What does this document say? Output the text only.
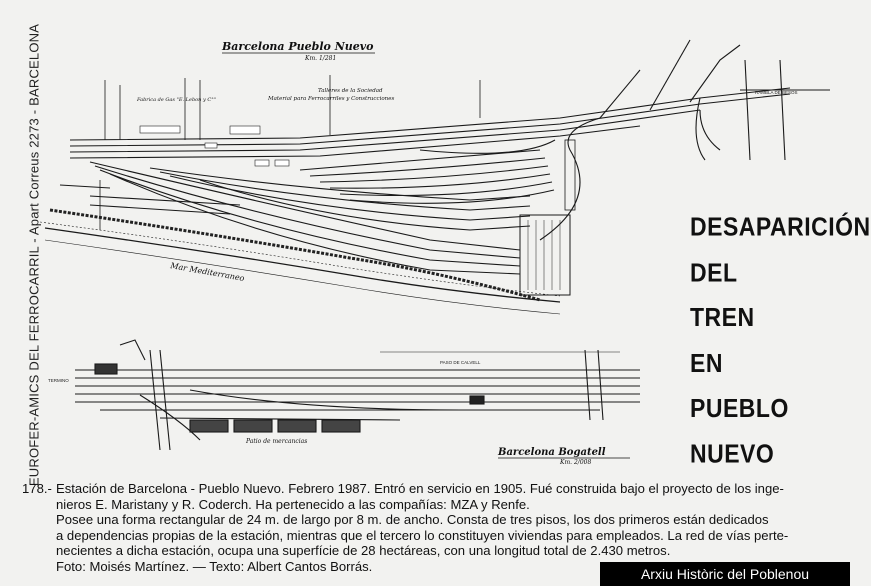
Barcelona Pueblo Nuevo
Km. 1/281
Talleres de la Sociedad
Material para Ferrocarriles y Construcciones
Fabrica de Gas "E. Lebon y C°"
Mar Mediterraneo
RAMBLA DE BESOS
PASO DE CALVELL
Patio de mercancias
TERMINO
Barcelona Bogatell
Km. 2/008
EUROFER-AMICS DEL FERROCARRIL - Apart Correus 2273 - BARCELONA	DESAPARICIÓN
DEL
TREN
EN
PUEBLO
NUEVO
178.- Estación de Barcelona - Pueblo Nuevo. Febrero 1987. Entró en servicio en 1905. Fué construida bajo el proyecto de los inge-
nieros E. Maristany y R. Coderch. Ha pertenecido a las compañías: MZA y Renfe.
Posee una forma rectangular de 24 m. de largo por 8 m. de ancho. Consta de tres pisos, los dos primeros están dedicados
a dependencias propias de la estación, mientras que el tercero lo constituyen viviendas para empleados. La red de vías perte-
necientes a dicha estación, ocupa una superfície de 28 hectáreas, con una longitud total de 2.430 metros.
Foto: Moisés Martínez. — Texto: Albert Cantos Borrás.	Arxiu Històric del Poblenou
